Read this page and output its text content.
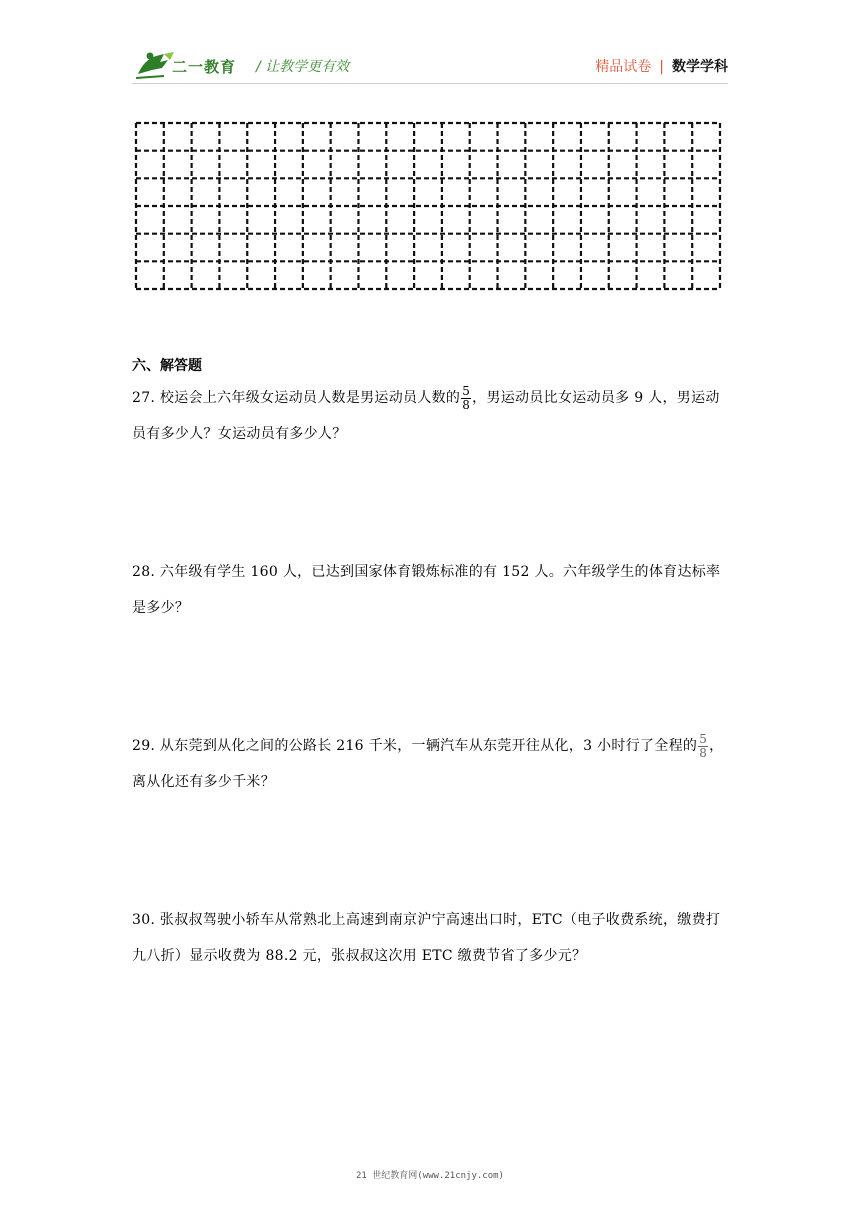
二一教育 / 让教学更有效	精品试卷 | 数学学科
六、解答题
27. 校运会上六年级女运动员人数是男运动员人数的 $\frac{5}{8}$ ，男运动员比女运动员多 9 人，男运动员有多少人？女运动员有多少人？
28. 六年级有学生 160 人，已达到国家体育锻炼标准的有 152 人。六年级学生的体育达标率是多少？
29. 从东莞到从化之间的公路长 216 千米，一辆汽车从东莞开往从化，3 小时行了全程的 $\frac{5}{8}$ ，离从化还有多少千米？
30. 张叔叔驾驶小轿车从常熟北上高速到南京沪宁高速出口时，ETC（电子收费系统，缴费打九八折）显示收费为 88.2 元，张叔叔这次用 ETC 缴费节省了多少元？
21 世纪教育网(www.21cnjy.com)
